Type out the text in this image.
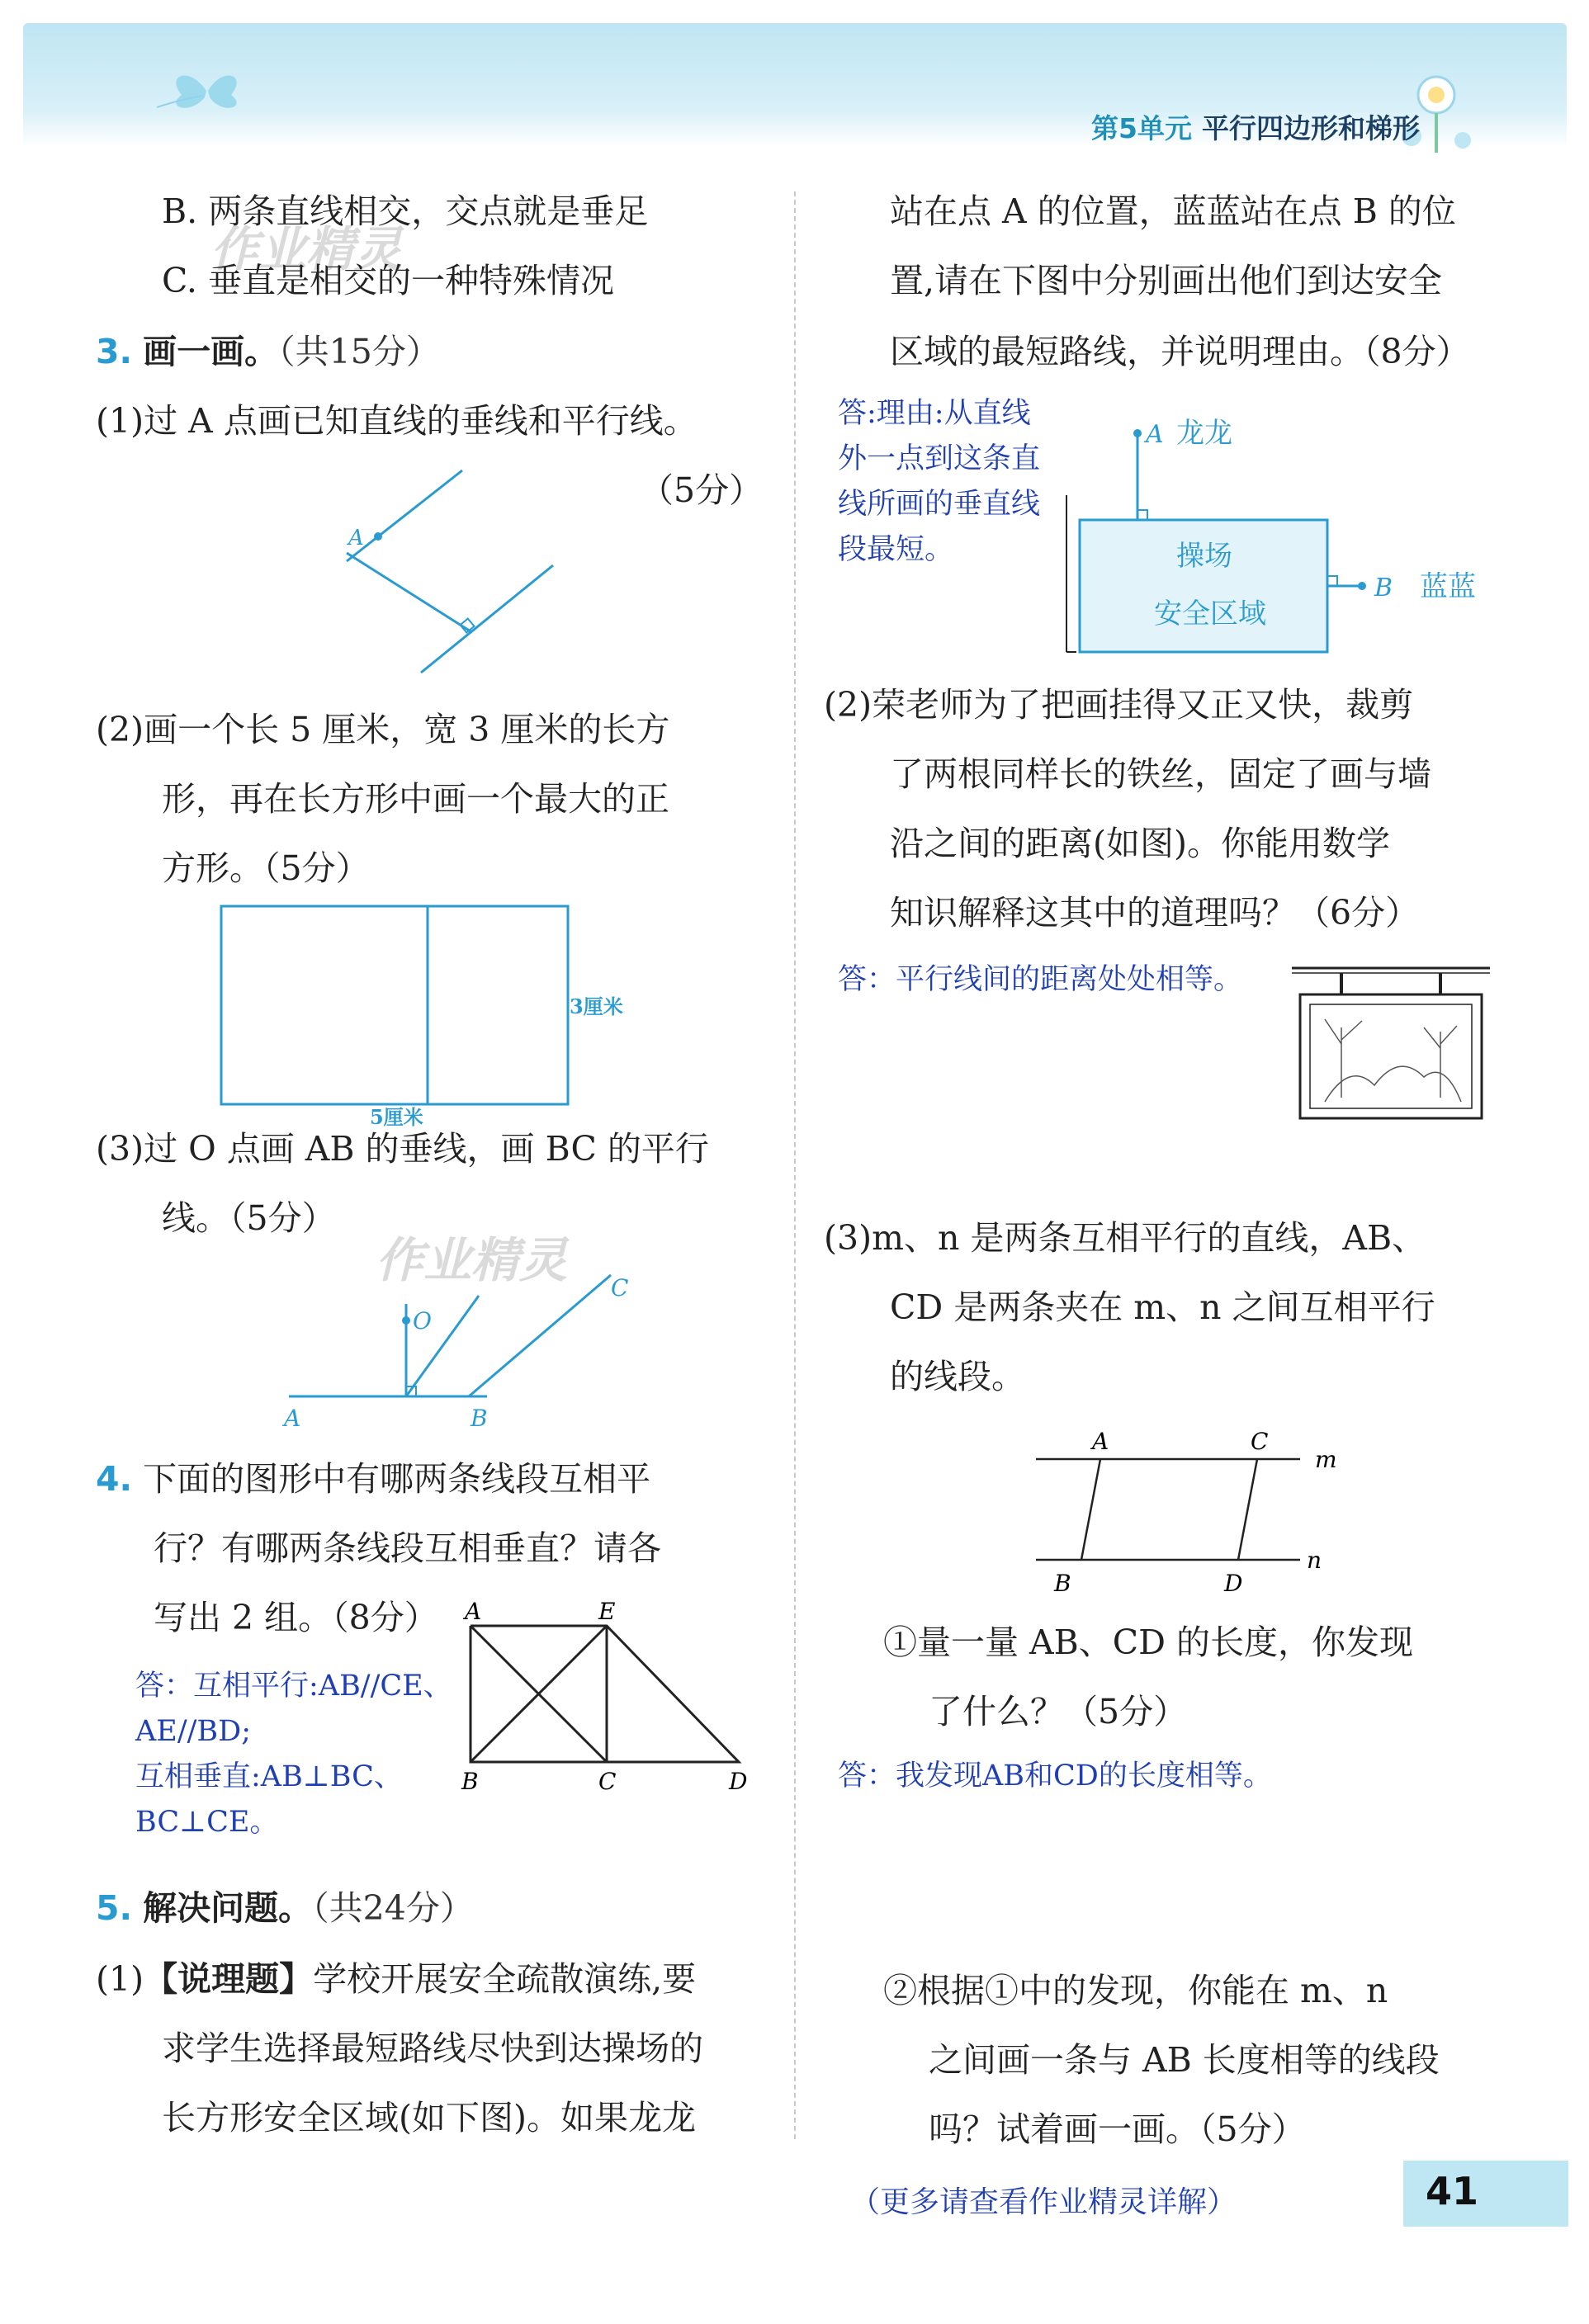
第5单元 平行四边形和梯形
作业精灵
作业精灵
B. 两条直线相交，交点就是垂足
C. 垂直是相交的一种特殊情况
3. 画一画。（共15分）
(1)过 A 点画已知直线的垂线和平行线。
（5分）
A
(2)画一个长 5 厘米，宽 3 厘米的长方
形，再在长方形中画一个最大的正
方形。（5分）
3厘米
5厘米
(3)过 O 点画 AB 的垂线，画 BC 的平行
线。（5分）
O
A	B
C
4. 下面的图形中有哪两条线段互相平
行？有哪两条线段互相垂直？请各
写出 2 组。（8分）
答：互相平行:AB//CE、
AE//BD;
互相垂直:AB⊥BC、
BC⊥CE。
A	E
B	C	D
5. 解决问题。（共24分）
(1)【说理题】学校开展安全疏散演练,要
求学生选择最短路线尽快到达操场的
长方形安全区域(如下图)。如果龙龙
站在点 A 的位置，蓝蓝站在点 B 的位
置,请在下图中分别画出他们到达安全
区域的最短路线，并说明理由。（8分）
答:理由:从直线
外一点到这条直
线所画的垂直线
段最短。
A 龙龙
B 蓝蓝
操场
安全区域
(2)荣老师为了把画挂得又正又快，裁剪
了两根同样长的铁丝，固定了画与墙
沿之间的距离(如图)。你能用数学
知识解释这其中的道理吗？（6分）
答：平行线间的距离处处相等。
(3)m、n 是两条互相平行的直线，AB、
CD 是两条夹在 m、n 之间互相平行
的线段。
A	C
m
B	D
n
①量一量 AB、CD 的长度，你发现
了什么？（5分）
答：我发现AB和CD的长度相等。
②根据①中的发现，你能在 m、n
之间画一条与 AB 长度相等的线段
吗？试着画一画。（5分）
（更多请查看作业精灵详解）	41
